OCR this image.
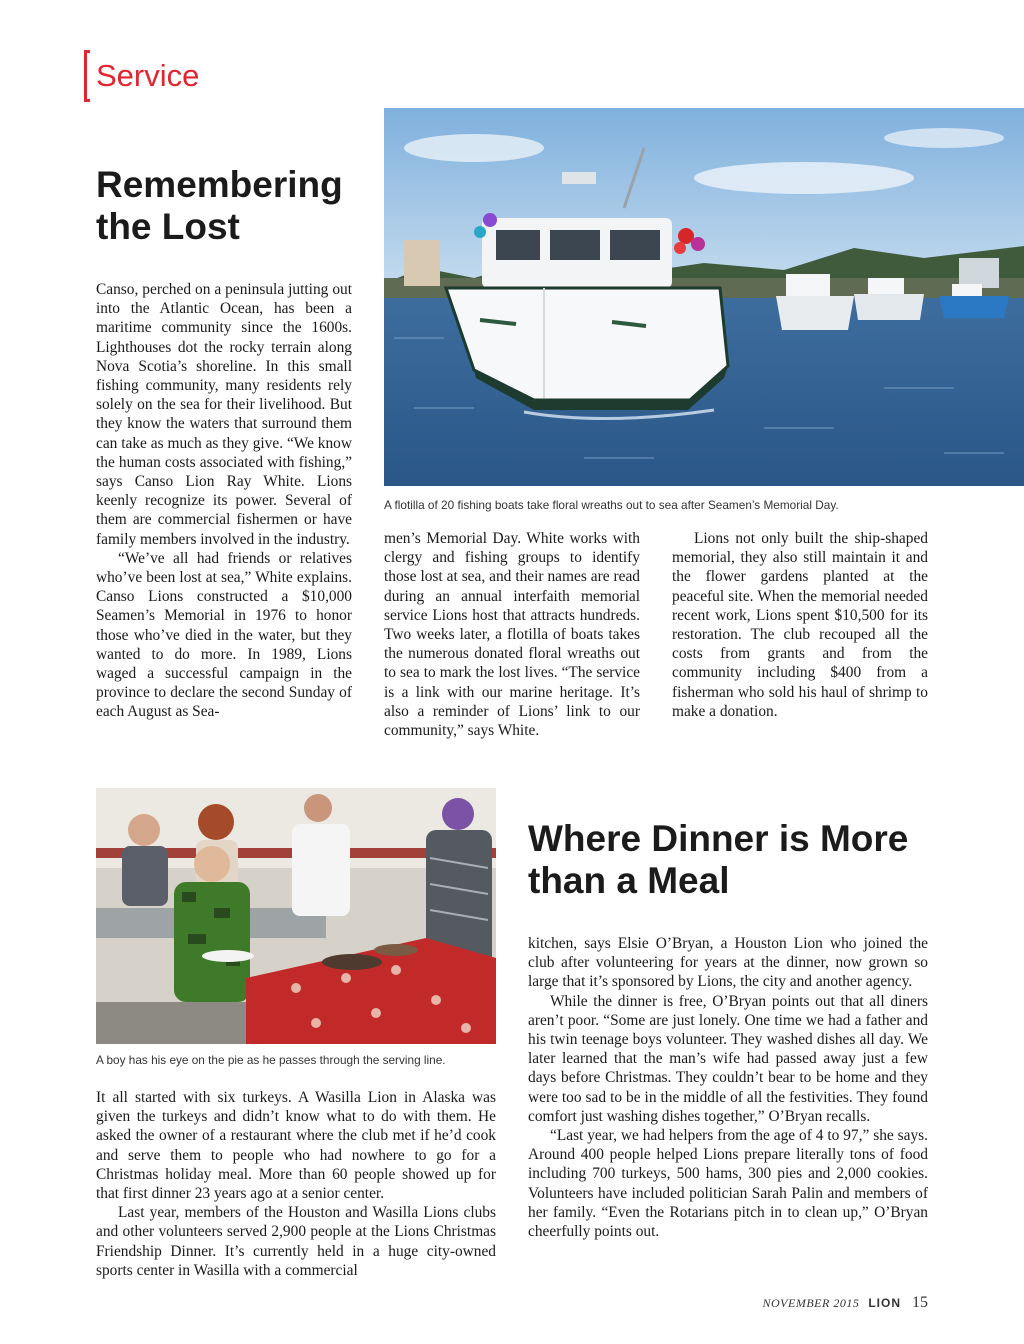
Service
Remembering the Lost
A flotilla of 20 fishing boats take floral wreaths out to sea after Seamen’s Memorial Day.

Canso, perched on a peninsula jutting out into the Atlantic Ocean, has been a maritime community since the 1600s. Lighthouses dot the rocky terrain along Nova Scotia’s shoreline. In this small fishing community, many residents rely solely on the sea for their livelihood. But they know the waters that surround them can take as much as they give. “We know the human costs associated with fishing,” says Canso Lion Ray White. Lions keenly recognize its power. Several of them are commercial fishermen or have family members involved in the industry.

“We’ve all had friends or relatives who’ve been lost at sea,” White explains. Canso Lions constructed a $10,000 Seamen’s Memorial in 1976 to honor those who’ve died in the water, but they wanted to do more. In 1989, Lions waged a successful campaign in the province to declare the second Sunday of each August as Sea-

men’s Memorial Day. White works with clergy and fishing groups to identify those lost at sea, and their names are read during an annual interfaith memorial service Lions host that attracts hundreds. Two weeks later, a flotilla of boats takes the numerous donated floral wreaths out to sea to mark the lost lives. “The service is a link with our marine heritage. It’s also a reminder of Lions’ link to our community,” says White.

Lions not only built the ship-shaped memorial, they also still maintain it and the flower gardens planted at the peaceful site. When the memorial needed recent work, Lions spent $10,500 for its restoration. The club recouped all the costs from grants and from the community including $400 from a fisherman who sold his haul of shrimp to make a donation.

A boy has his eye on the pie as he passes through the serving line.
Where Dinner is More than a Meal

It all started with six turkeys. A Wasilla Lion in Alaska was given the turkeys and didn’t know what to do with them. He asked the owner of a restaurant where the club met if he’d cook and serve them to people who had nowhere to go for a Christmas holiday meal. More than 60 people showed up for that first dinner 23 years ago at a senior center.

Last year, members of the Houston and Wasilla Lions clubs and other volunteers served 2,900 people at the Lions Christmas Friendship Dinner. It’s currently held in a huge city-owned sports center in Wasilla with a commercial

kitchen, says Elsie O’Bryan, a Houston Lion who joined the club after volunteering for years at the dinner, now grown so large that it’s sponsored by Lions, the city and another agency.

While the dinner is free, O’Bryan points out that all diners aren’t poor. “Some are just lonely. One time we had a father and his twin teenage boys volunteer. They washed dishes all day. We later learned that the man’s wife had passed away just a few days before Christmas. They couldn’t bear to be home and they were too sad to be in the middle of all the festivities. They found comfort just washing dishes together,” O’Bryan recalls.

“Last year, we had helpers from the age of 4 to 97,” she says. Around 400 people helped Lions prepare literally tons of food including 700 turkeys, 500 hams, 300 pies and 2,000 cookies. Volunteers have included politician Sarah Palin and members of her family. “Even the Rotarians pitch in to clean up,” O’Bryan cheerfully points out.

NOVEMBER 2015 LION 15
